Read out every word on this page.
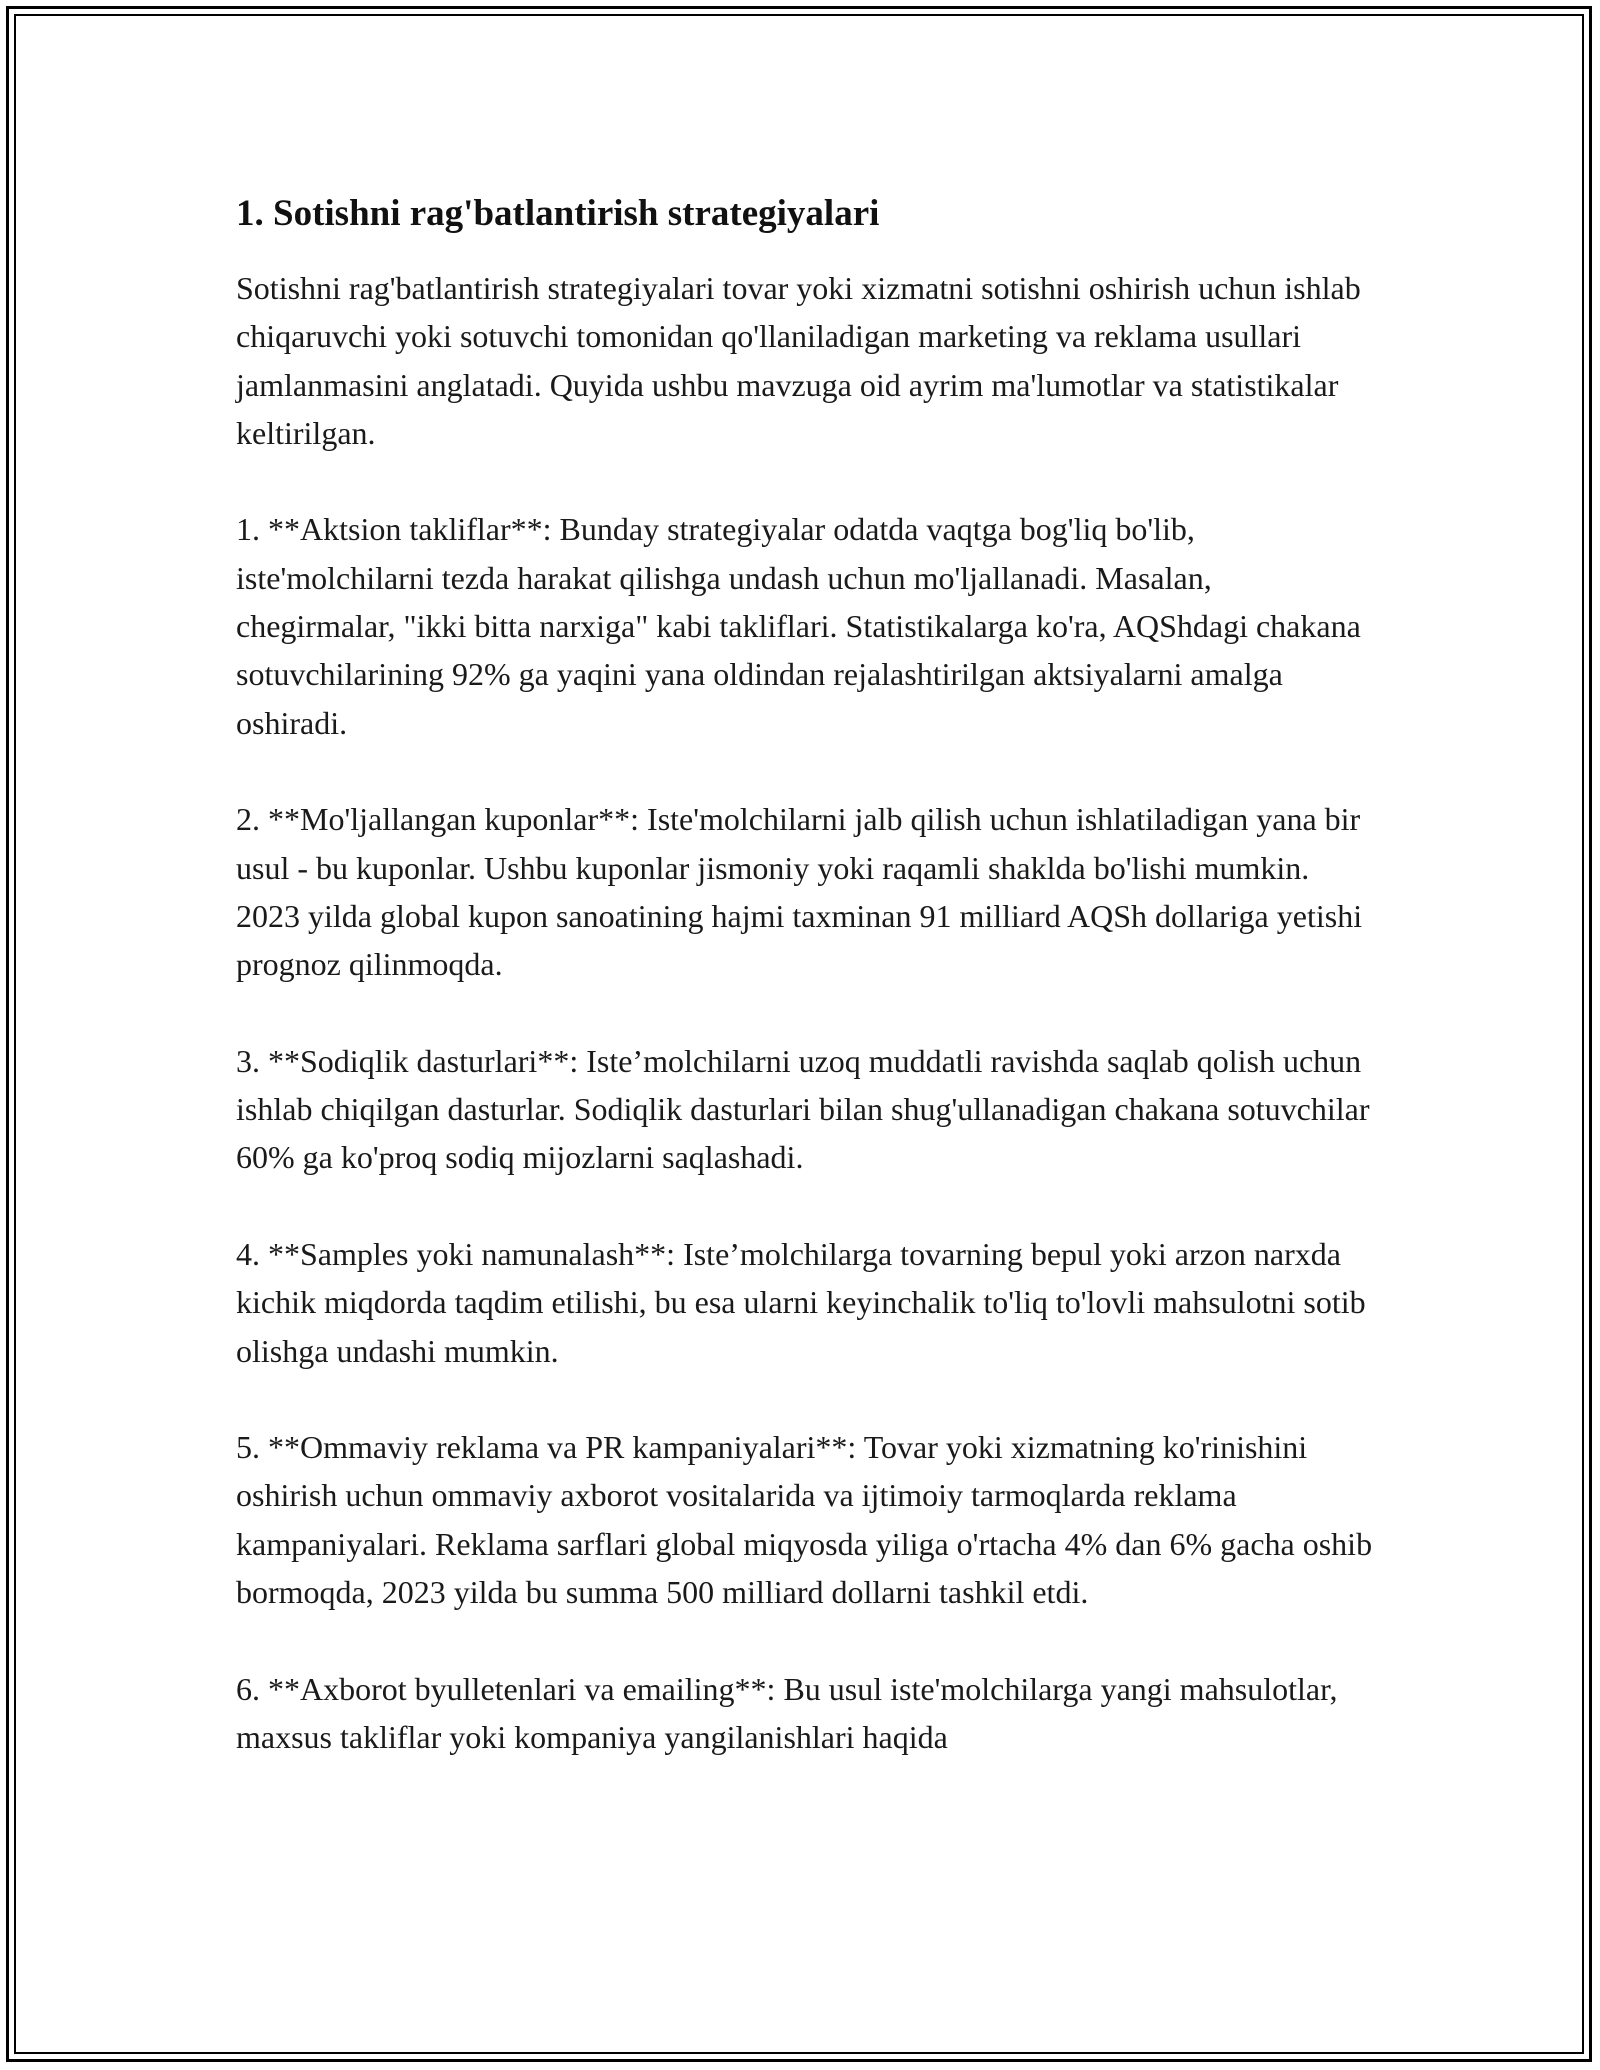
1. Sotishni rag'batlantirish strategiyalari

Sotishni rag'batlantirish strategiyalari tovar yoki xizmatni sotishni oshirish uchun ishlab chiqaruvchi yoki sotuvchi tomonidan qo'llaniladigan marketing va reklama usullari jamlanmasini anglatadi. Quyida ushbu mavzuga oid ayrim ma'lumotlar va statistikalar keltirilgan.

1. **Aktsion takliflar**: Bunday strategiyalar odatda vaqtga bog'liq bo'lib, iste'molchilarni tezda harakat qilishga undash uchun mo'ljallanadi. Masalan, chegirmalar, "ikki bitta narxiga" kabi takliflari. Statistikalarga ko'ra, AQShdagi chakana sotuvchilarining 92% ga yaqini yana oldindan rejalashtirilgan aktsiyalarni amalga oshiradi.

2. **Mo'ljallangan kuponlar**: Iste'molchilarni jalb qilish uchun ishlatiladigan yana bir usul - bu kuponlar. Ushbu kuponlar jismoniy yoki raqamli shaklda bo'lishi mumkin. 2023 yilda global kupon sanoatining hajmi taxminan 91 milliard AQSh dollariga yetishi prognoz qilinmoqda.

3. **Sodiqlik dasturlari**: Iste’molchilarni uzoq muddatli ravishda saqlab qolish uchun ishlab chiqilgan dasturlar. Sodiqlik dasturlari bilan shug'ullanadigan chakana sotuvchilar 60% ga ko'proq sodiq mijozlarni saqlashadi.

4. **Samples yoki namunalash**: Iste’molchilarga tovarning bepul yoki arzon narxda kichik miqdorda taqdim etilishi, bu esa ularni keyinchalik to'liq to'lovli mahsulotni sotib olishga undashi mumkin.

5. **Ommaviy reklama va PR kampaniyalari**: Tovar yoki xizmatning ko'rinishini oshirish uchun ommaviy axborot vositalarida va ijtimoiy tarmoqlarda reklama kampaniyalari. Reklama sarflari global miqyosda yiliga o'rtacha 4% dan 6% gacha oshib bormoqda, 2023 yilda bu summa 500 milliard dollarni tashkil etdi.

6. **Axborot byulletenlari va emailing**: Bu usul iste'molchilarga yangi mahsulotlar, maxsus takliflar yoki kompaniya yangilanishlari haqida
